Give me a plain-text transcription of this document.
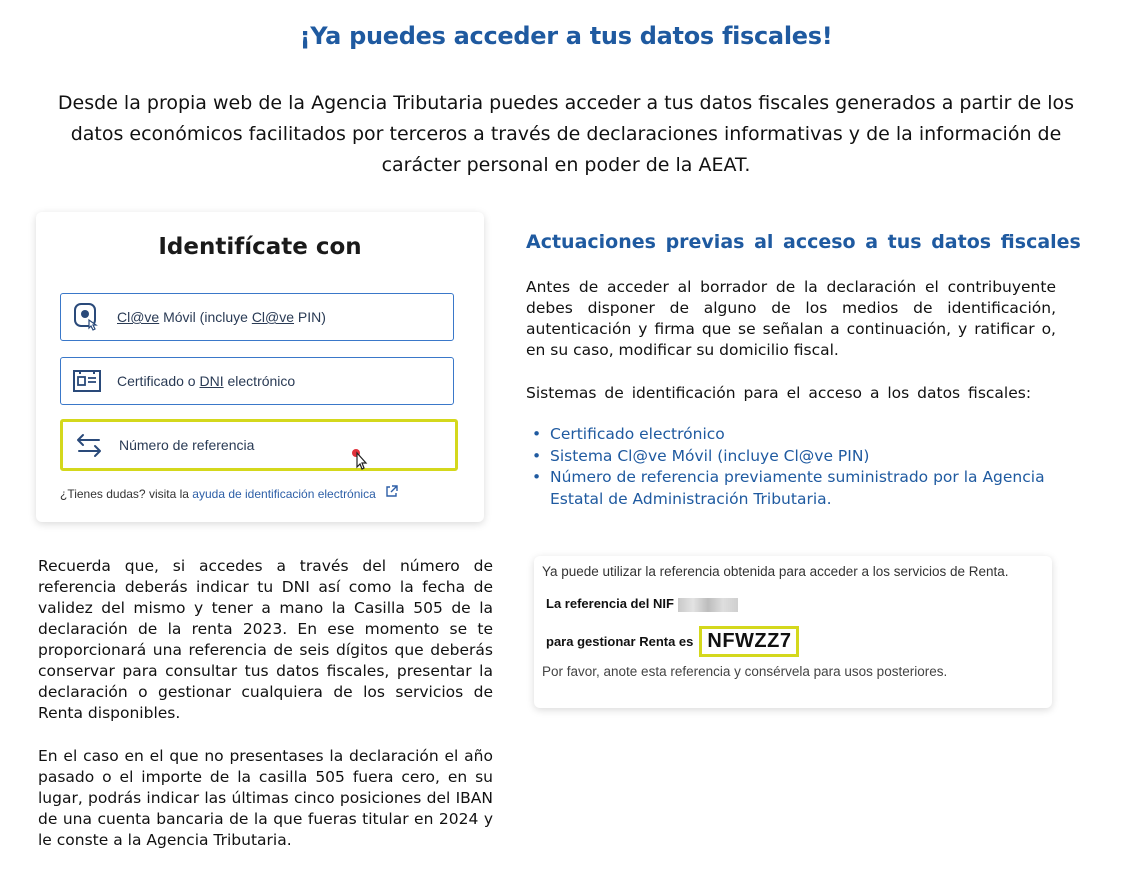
¡Ya puedes acceder a tus datos fiscales!
Desde la propia web de la Agencia Tributaria puedes acceder a tus datos fiscales generados a partir de los datos económicos facilitados por terceros a través de declaraciones informativas y de la información de carácter personal en poder de la AEAT.
Identifícate con
Cl@ve Móvil (incluye Cl@ve PIN)
Certificado o DNI electrónico
Número de referencia
¿Tienes dudas? visita la ayuda de identificación electrónica
Actuaciones previas al acceso a tus datos fiscales
Antes de acceder al borrador de la declaración el contribuyente debes disponer de alguno de los medios de identificación, autenticación y firma que se señalan a continuación, y ratificar o, en su caso, modificar su domicilio fiscal.
Sistemas de identificación para el acceso a los datos fiscales:
• Certificado electrónico
• Sistema Cl@ve Móvil (incluye Cl@ve PIN)
• Número de referencia previamente suministrado por la Agencia Estatal de Administración Tributaria.
Recuerda que, si accedes a través del número de referencia deberás indicar tu DNI así como la fecha de validez del mismo y tener a mano la Casilla 505 de la declaración de la renta 2023. En ese momento se te proporcionará una referencia de seis dígitos que deberás conservar para consultar tus datos fiscales, presentar la declaración o gestionar cualquiera de los servicios de Renta disponibles.
En el caso en el que no presentases la declaración el año pasado o el importe de la casilla 505 fuera cero, en su lugar, podrás indicar las últimas cinco posiciones del IBAN de una cuenta bancaria de la que fueras titular en 2024 y le conste a la Agencia Tributaria.
Ya puede utilizar la referencia obtenida para acceder a los servicios de Renta.
La referencia del NIF
para gestionar Renta es NFWZZ7
Por favor, anote esta referencia y consérvela para usos posteriores.
